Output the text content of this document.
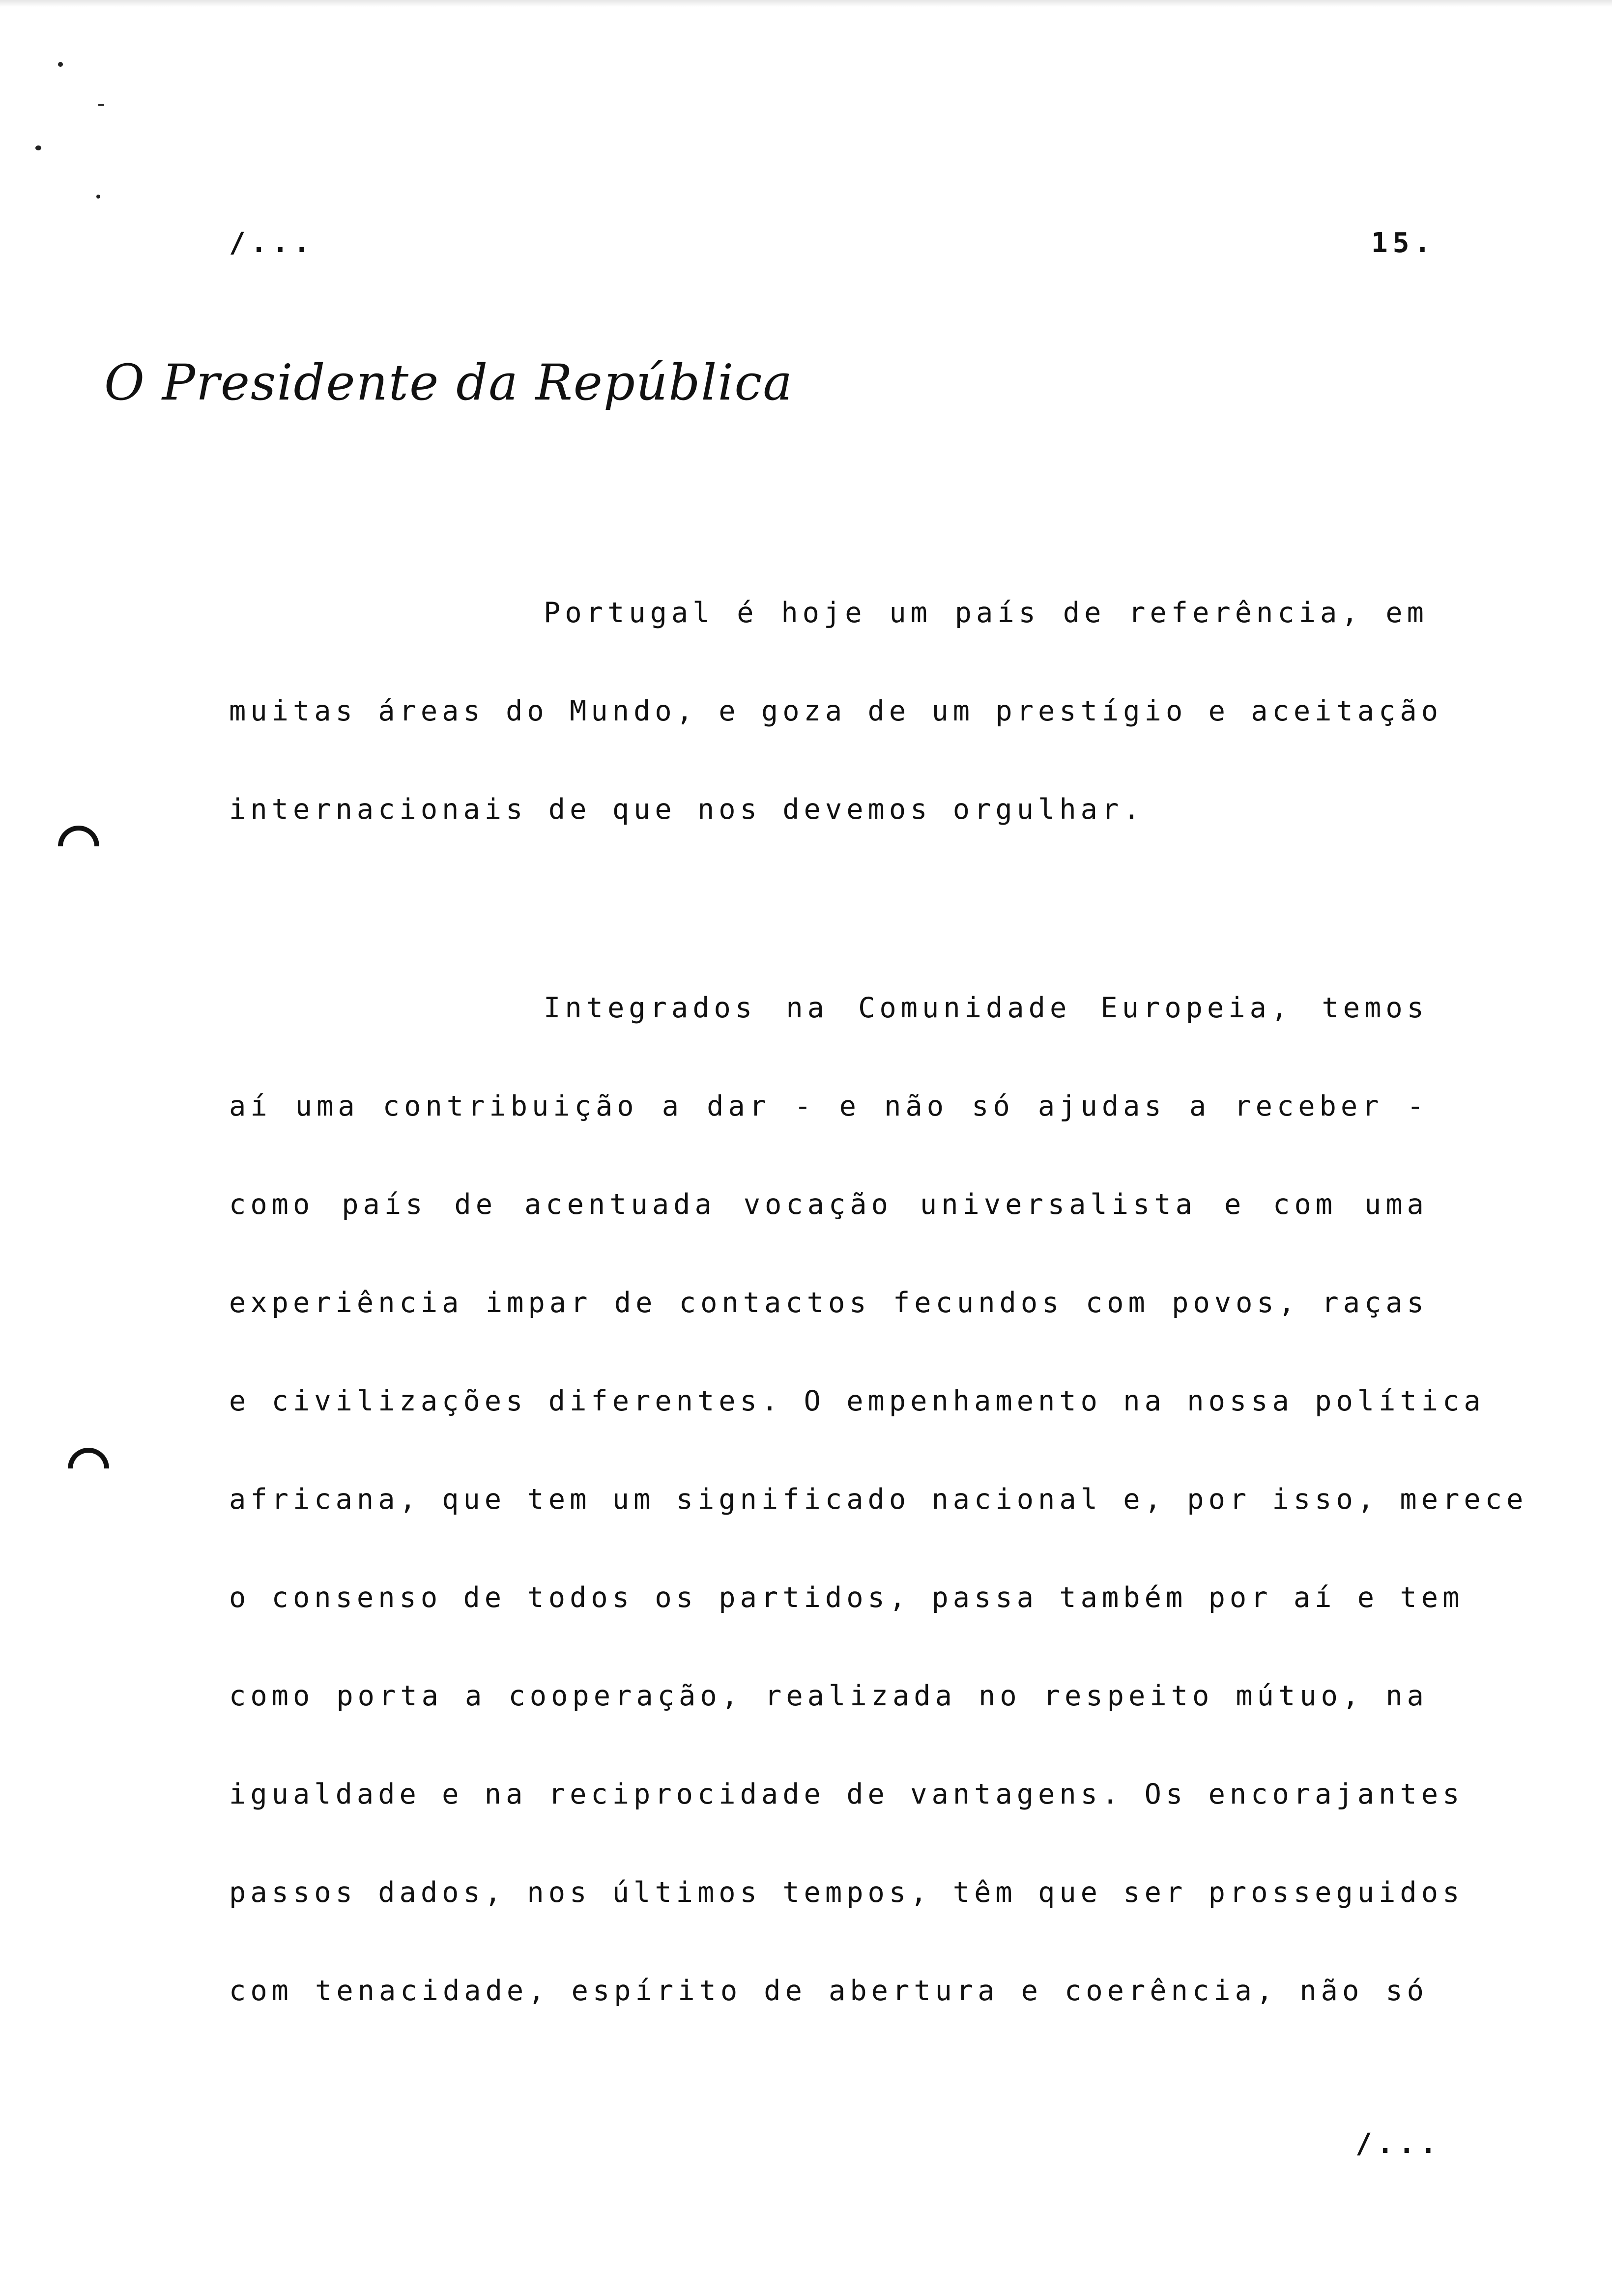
/...	15.
O Presidente da República
Portugal é hoje um país de referência, em
muitas áreas do Mundo, e goza de um prestígio e aceitação
internacionais de que nos devemos orgulhar.
Integrados na Comunidade Europeia, temos
aí uma contribuição a dar - e não só ajudas a receber -
como país de acentuada vocação universalista e com uma
experiência impar de contactos fecundos com povos, raças
e civilizações diferentes. O empenhamento na nossa política
africana, que tem um significado nacional e, por isso, merece
o consenso de todos os partidos, passa também por aí e tem
como porta a cooperação, realizada no respeito mútuo, na
igualdade e na reciprocidade de vantagens. Os encorajantes
passos dados, nos últimos tempos, têm que ser prosseguidos
com tenacidade, espírito de abertura e coerência, não só
/...
